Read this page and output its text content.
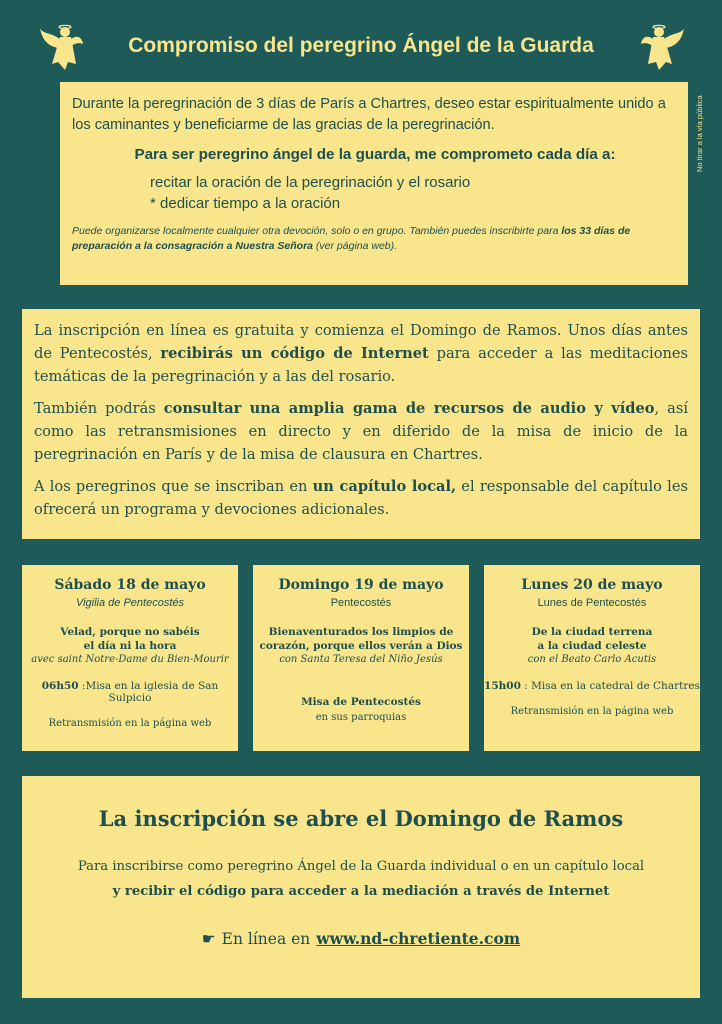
Compromiso del peregrino Ángel de la Guarda
No tirar a la vía pública

Durante la peregrinación de 3 días de París a Chartres, deseo estar espiritualmente unido a los caminantes y beneficiarme de las gracias de la peregrinación.

Para ser peregrino ángel de la guarda, me comprometo cada día a:

recitar la oración de la peregrinación y el rosario
* dedicar tiempo a la oración

Puede organizarse localmente cualquier otra devoción, solo o en grupo. También puedes inscribirte para los 33 días de preparación a la consagración a Nuestra Señora (ver página web).

La inscripción en línea es gratuita y comienza el Domingo de Ramos. Unos días antes de Pentecostés, recibirás un código de Internet para acceder a las meditaciones temáticas de la peregrinación y a las del rosario.

También podrás consultar una amplia gama de recursos de audio y vídeo, así como las retransmisiones en directo y en diferido de la misa de inicio de la peregrinación en París y de la misa de clausura en Chartres.

A los peregrinos que se inscriban en un capítulo local, el responsable del capítulo les ofrecerá un programa y devociones adicionales.

Sábado 18 de mayo
Vigilia de Pentecostés
Velad, porque no sabéis
el día ni la hora
avec saint Notre-Dame du Bien-Mourir
06h50 :Misa en la iglesia de San Sulpicio
Retransmisión en la página web
Domingo 19 de mayo
Pentecostés
Bienaventurados los limpios de
corazón, porque ellos verán a Dios
con Santa Teresa del Niño Jesús
Misa de Pentecostés
en sus parroquias
Lunes 20 de mayo
Lunes de Pentecostés
De la ciudad terrena
a la ciudad celeste
con el Beato Carlo Acutis
15h00 : Misa en la catedral de Chartres
Retransmisión en la página web
La inscripción se abre el Domingo de Ramos
Para inscribirse como peregrino Ángel de la Guarda individual o en un capítulo local
y recibir el código para acceder a la mediación a través de Internet
☛ En línea en www.nd-chretiente.com
